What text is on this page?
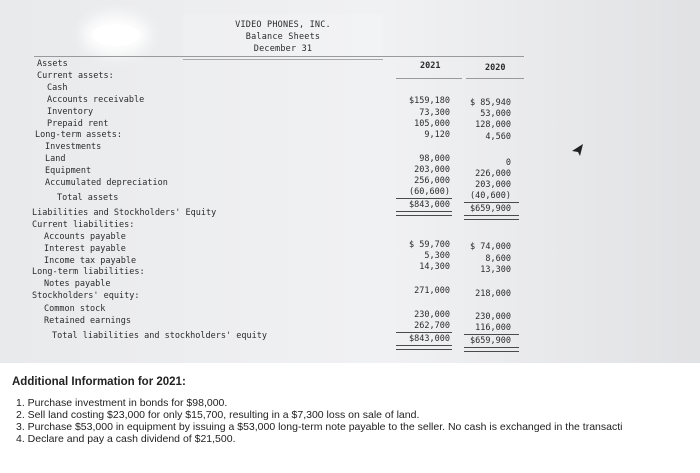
VIDEO PHONES, INC.
Balance Sheets
December 31
2021	2020
Assets
Current assets:
Cash
Accounts receivable
Inventory
Prepaid rent
Long-term assets:
Investments
Land
Equipment
Accumulated depreciation
Total assets
Liabilities and Stockholders' Equity
Current liabilities:
Accounts payable
Interest payable
Income tax payable
Long-term liabilities:
Notes payable
Stockholders' equity:
Common stock
Retained earnings
Total liabilities and stockholders' equity
$159,180
73,300
105,000
9,120
98,000
203,000
256,000
(60,600)
$843,000
$ 59,700
5,300
14,300
271,000
230,000
262,700
$843,000
$ 85,940
53,000
128,000
4,560
0
226,000
203,000
(40,600)
$659,900
$ 74,000
8,600
13,300
218,000
230,000
116,000
$659,900
Additional Information for 2021:
1. Purchase investment in bonds for $98,000.
2. Sell land costing $23,000 for only $15,700, resulting in a $7,300 loss on sale of land.
3. Purchase $53,000 in equipment by issuing a $53,000 long-term note payable to the seller. No cash is exchanged in the transacti
4. Declare and pay a cash dividend of $21,500.
